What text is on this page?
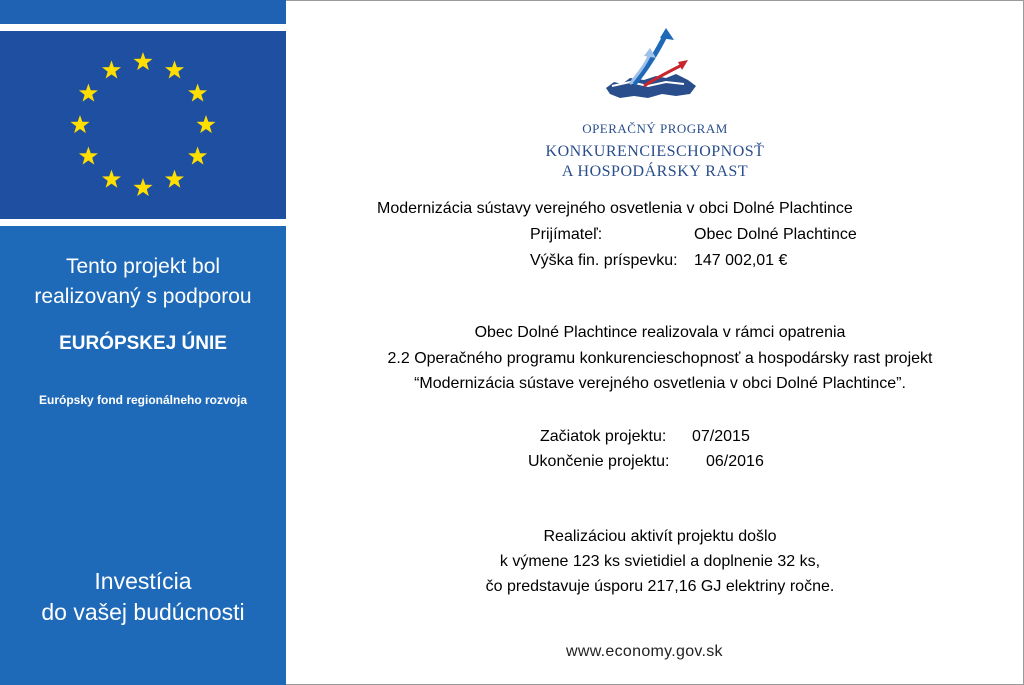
Tento projekt bol
realizovaný s podporou
EURÓPSKEJ ÚNIE
Európsky fond regionálneho rozvoja
Investícia
do vašej budúcnosti
OPERAČNÝ PROGRAM
KONKURENCIESCHOPNOSŤ
A HOSPODÁRSKY RAST
Modernizácia sústavy verejného osvetlenia v obci Dolné Plachtince
Prijímateľ:	Obec Dolné Plachtince
Výška fin. príspevku: 147 002,01 €
Obec Dolné Plachtince realizovala v rámci opatrenia
2.2 Operačného programu konkurencieschopnosť a hospodársky rast projekt
“Modernizácia sústave verejného osvetlenia v obci Dolné Plachtince”.
Začiatok projektu: 07/2015
Ukončenie projektu: 06/2016
Realizáciou aktivít projektu došlo
k výmene 123 ks svietidiel a doplnenie 32 ks,
čo predstavuje úsporu 217,16 GJ elektriny ročne.
www.economy.gov.sk
